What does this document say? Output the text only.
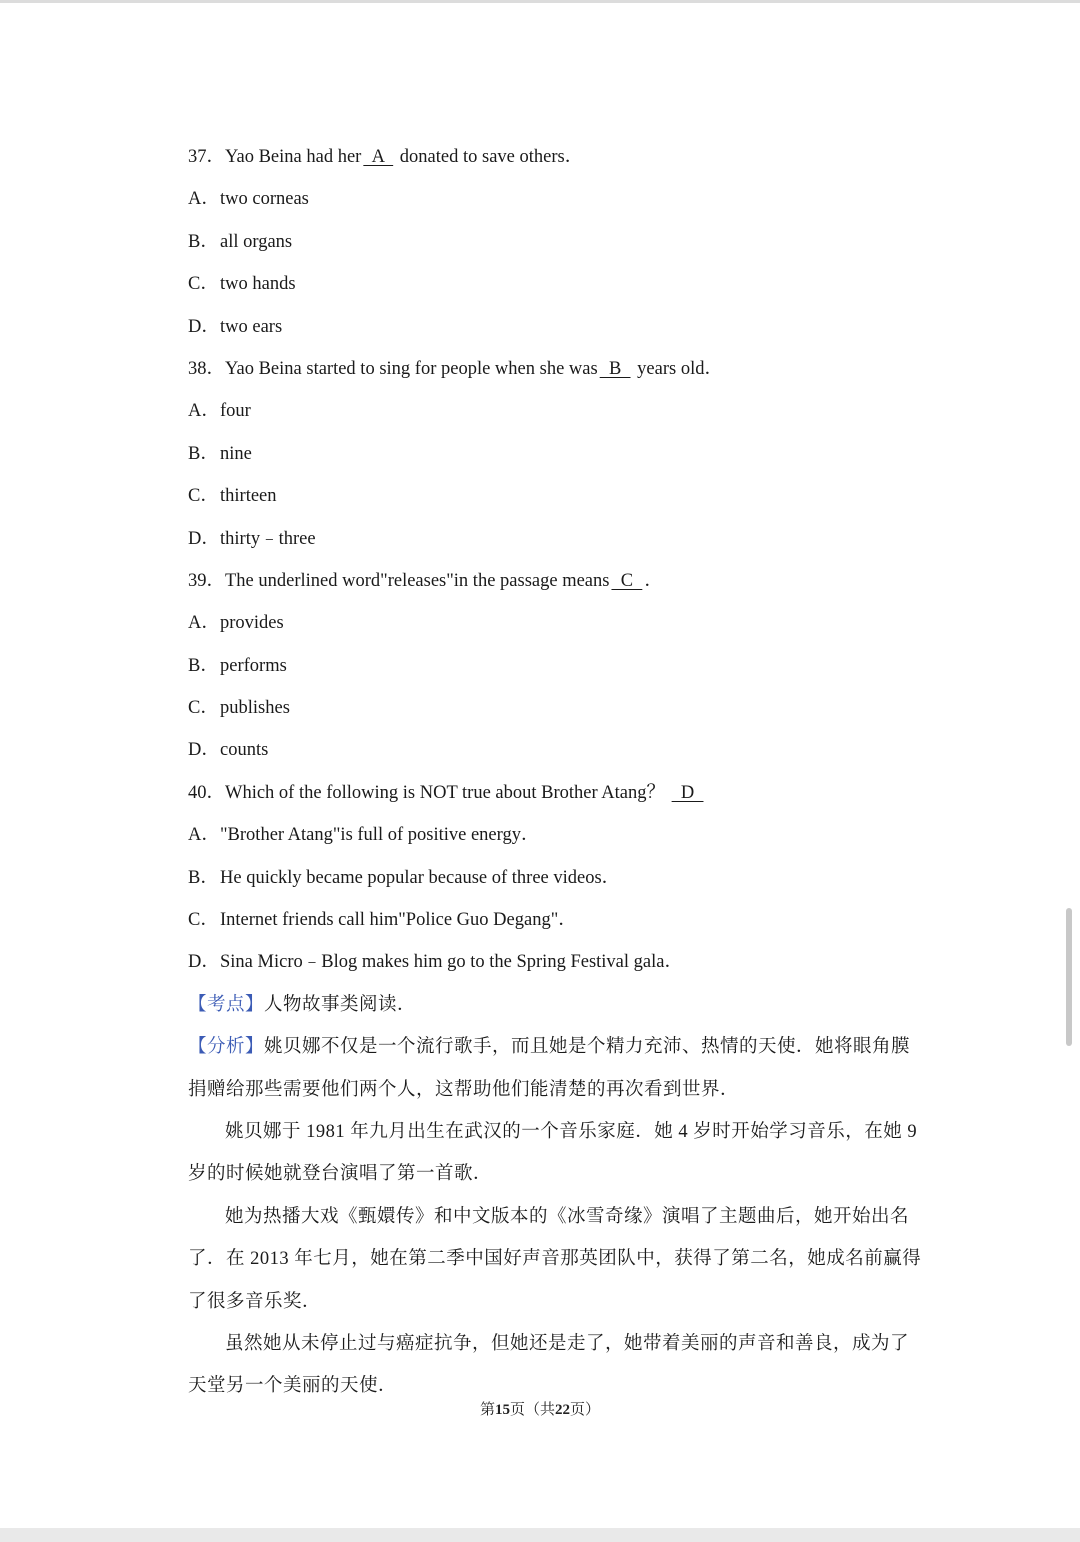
37．Yao Beina had her  A   donated to save others．
A．two corneas
B．all organs
C．two hands
D．two ears
38．Yao Beina started to sing for people when she was  B   years old．
A．four
B．nine
C．thirteen
D．thirty﹣three
39．The underlined word"releases"in the passage means  C  ．
A．provides
B．performs
C．publishes
D．counts
40．Which of the following is NOT true about Brother Atang？   D
A．"Brother Atang"is full of positive energy．
B．He quickly became popular because of three videos．
C．Internet friends call him"Police Guo Degang"．
D．Sina Micro﹣Blog makes him go to the Spring Festival gala．
【考点】人物故事类阅读．
【分析】姚贝娜不仅是一个流行歌手，而且她是个精力充沛、热情的天使．她将眼角膜
捐赠给那些需要他们两个人，这帮助他们能清楚的再次看到世界．
姚贝娜于 1981 年九月出生在武汉的一个音乐家庭．她 4 岁时开始学习音乐，在她 9
岁的时候她就登台演唱了第一首歌．
她为热播大戏《甄嬛传》和中文版本的《冰雪奇缘》演唱了主题曲后，她开始出名
了．在 2013 年七月，她在第二季中国好声音那英团队中，获得了第二名，她成名前赢得
了很多音乐奖．
虽然她从未停止过与癌症抗争，但她还是走了，她带着美丽的声音和善良，成为了
天堂另一个美丽的天使．
第15页（共22页）
